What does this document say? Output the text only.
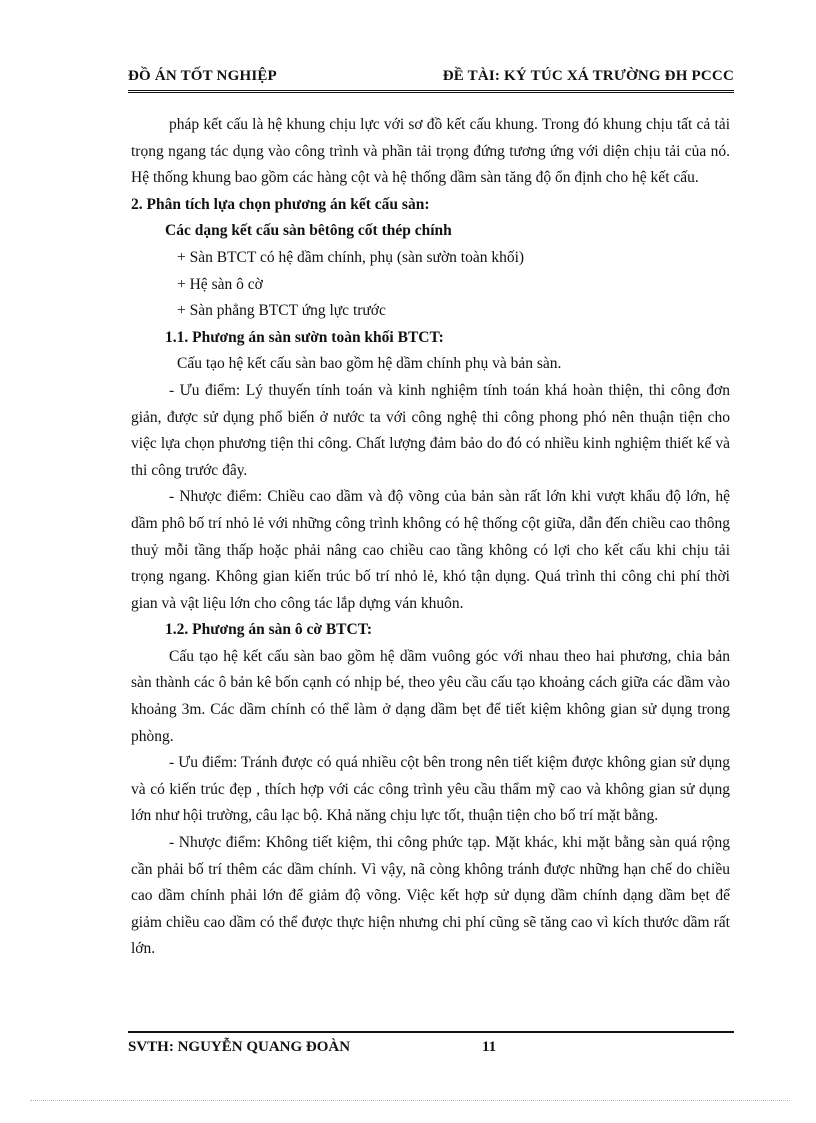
ĐỒ ÁN TỐT NGHIỆP	ĐỀ TÀI: KÝ TÚC XÁ TRƯỜNG ĐH PCCC

pháp kết cấu là hệ khung chịu lực với sơ đồ kết cấu khung. Trong đó khung chịu tất cả tải trọng ngang tác dụng vào công trình và phần tải trọng đứng tương ứng với diện chịu tải của nó. Hệ thống khung bao gồm các hàng cột và hệ thống dầm sàn tăng độ ổn định cho hệ kết cấu.

2. Phân tích lựa chọn phương án kết cấu sàn:

Các dạng kết cấu sàn bêtông cốt thép chính

+ Sàn BTCT có hệ dầm chính, phụ (sàn sườn toàn khối)

+ Hệ sàn ô cờ

+ Sàn phẳng BTCT ứng lực trước

1.1. Phương án sàn sườn toàn khối BTCT:

Cấu tạo hệ kết cấu sàn bao gồm hệ dầm chính phụ và bản sàn.

- Ưu điểm: Lý thuyến tính toán và kinh nghiệm tính toán khá hoàn thiện, thi công đơn giản, được sử dụng phổ biến ở nước ta với công nghệ thi công phong phó nên thuận tiện cho việc lựa chọn phương tiện thi công. Chất lượng đảm bảo do đó có nhiều kinh nghiệm thiết kế và thi công trước đây.

- Nhược điểm: Chiều cao dầm và độ võng của bản sàn rất lớn khi vượt khẩu độ lớn, hệ dầm phô bố trí nhỏ lẻ với những công trình không có hệ thống cột giữa, dẫn đến chiều cao thông thuỷ mỗi tầng thấp hoặc phải nâng cao chiều cao tầng không có lợi cho kết cấu khi chịu tải trọng ngang. Không gian kiến trúc bố trí nhỏ lẻ, khó tận dụng. Quá trình thi công chi phí thời gian và vật liệu lớn cho công tác lắp dựng ván khuôn.

1.2. Phương án sàn ô cờ BTCT:

Cấu tạo hệ kết cấu sàn bao gồm hệ dầm vuông góc với nhau theo hai phương, chia bản sàn thành các ô bản kê bốn cạnh có nhịp bé, theo yêu cầu cấu tạo khoảng cách giữa các dầm vào khoảng 3m. Các dầm chính có thể làm ở dạng dầm bẹt để tiết kiệm không gian sử dụng trong phòng.

- Ưu điểm: Tránh được có quá nhiều cột bên trong nên tiết kiệm được không gian sử dụng và có kiến trúc đẹp , thích hợp với các công trình yêu cầu thẩm mỹ cao và không gian sử dụng lớn như hội trường, câu lạc bộ. Khả năng chịu lực tốt, thuận tiện cho bố trí mặt bằng.

- Nhược điểm: Không tiết kiệm, thi công phức tạp. Mặt khác, khi mặt bằng sàn quá rộng cần phải bố trí thêm các dầm chính. Vì vậy, nã còng không tránh được những hạn chế do chiều cao dầm chính phải lớn để giảm độ võng. Việc kết hợp sử dụng dầm chính dạng dầm bẹt để giảm chiều cao dầm có thể được thực hiện nhưng chi phí cũng sẽ tăng cao vì kích thước dầm rất lớn.

SVTH: NGUYỄN QUANG ĐOÀN	11
